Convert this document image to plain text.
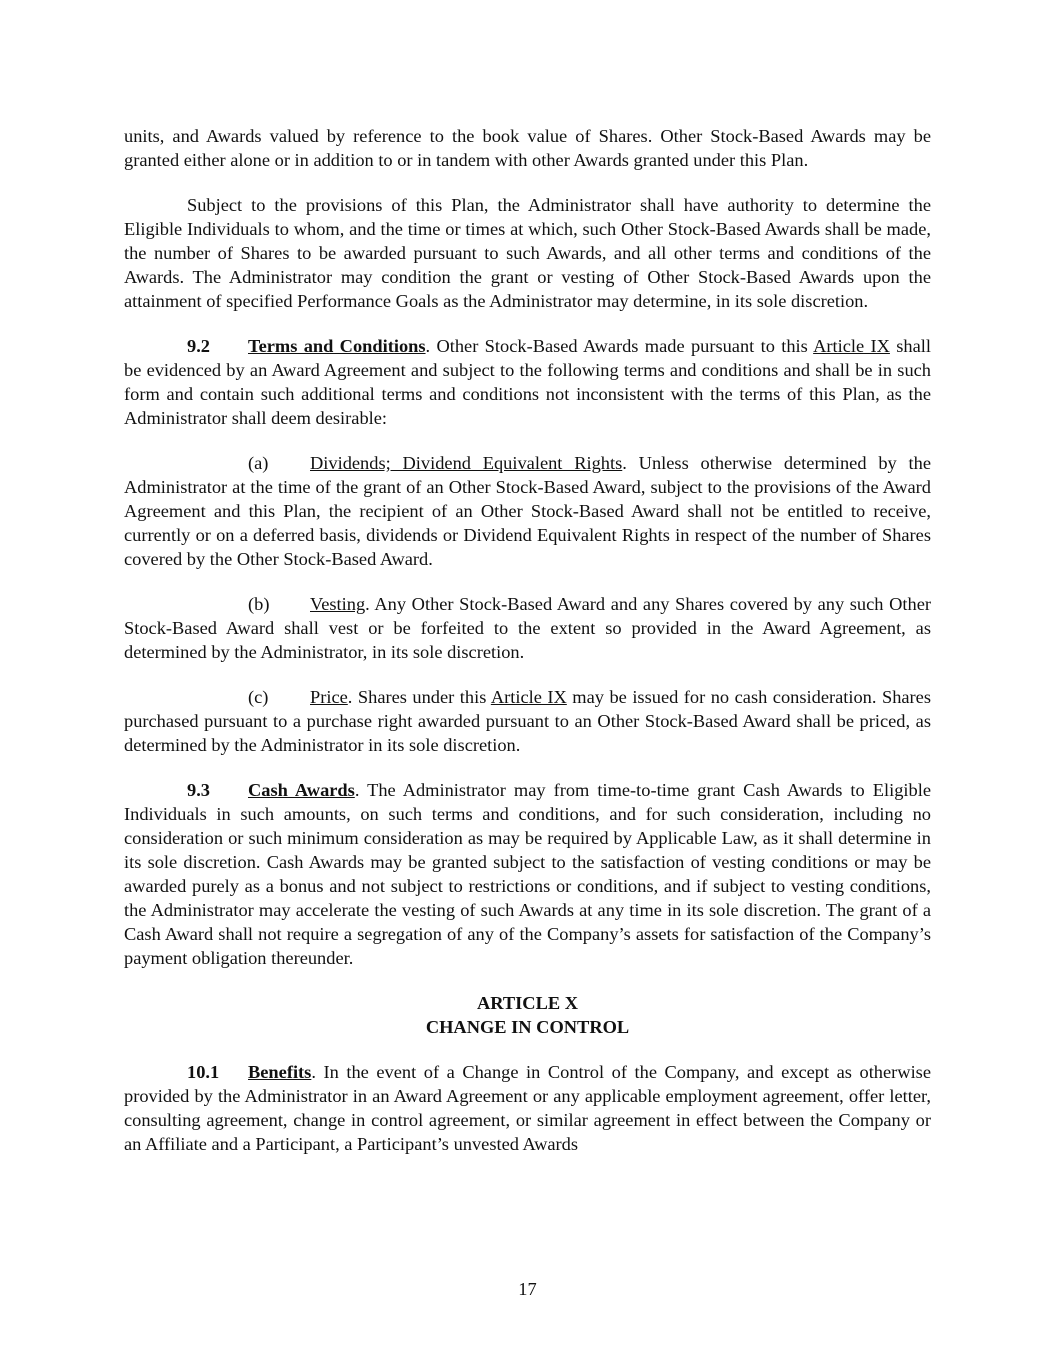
units, and Awards valued by reference to the book value of Shares. Other Stock-Based Awards may be granted either alone or in addition to or in tandem with other Awards granted under this Plan.

Subject to the provisions of this Plan, the Administrator shall have authority to determine the Eligible Individuals to whom, and the time or times at which, such Other Stock-Based Awards shall be made, the number of Shares to be awarded pursuant to such Awards, and all other terms and conditions of the Awards. The Administrator may condition the grant or vesting of Other Stock-Based Awards upon the attainment of specified Performance Goals as the Administrator may determine, in its sole discretion.

9.2 Terms and Conditions. Other Stock-Based Awards made pursuant to this Article IX shall be evidenced by an Award Agreement and subject to the following terms and conditions and shall be in such form and contain such additional terms and conditions not inconsistent with the terms of this Plan, as the Administrator shall deem desirable:

(a) Dividends; Dividend Equivalent Rights. Unless otherwise determined by the Administrator at the time of the grant of an Other Stock-Based Award, subject to the provisions of the Award Agreement and this Plan, the recipient of an Other Stock-Based Award shall not be entitled to receive, currently or on a deferred basis, dividends or Dividend Equivalent Rights in respect of the number of Shares covered by the Other Stock-Based Award.

(b) Vesting. Any Other Stock-Based Award and any Shares covered by any such Other Stock-Based Award shall vest or be forfeited to the extent so provided in the Award Agreement, as determined by the Administrator, in its sole discretion.

(c) Price. Shares under this Article IX may be issued for no cash consideration. Shares purchased pursuant to a purchase right awarded pursuant to an Other Stock-Based Award shall be priced, as determined by the Administrator in its sole discretion.

9.3 Cash Awards. The Administrator may from time-to-time grant Cash Awards to Eligible Individuals in such amounts, on such terms and conditions, and for such consideration, including no consideration or such minimum consideration as may be required by Applicable Law, as it shall determine in its sole discretion. Cash Awards may be granted subject to the satisfaction of vesting conditions or may be awarded purely as a bonus and not subject to restrictions or conditions, and if subject to vesting conditions, the Administrator may accelerate the vesting of such Awards at any time in its sole discretion. The grant of a Cash Award shall not require a segregation of any of the Company’s assets for satisfaction of the Company’s payment obligation thereunder.

ARTICLE X
CHANGE IN CONTROL

10.1 Benefits. In the event of a Change in Control of the Company, and except as otherwise provided by the Administrator in an Award Agreement or any applicable employment agreement, offer letter, consulting agreement, change in control agreement, or similar agreement in effect between the Company or an Affiliate and a Participant, a Participant’s unvested Awards

17
